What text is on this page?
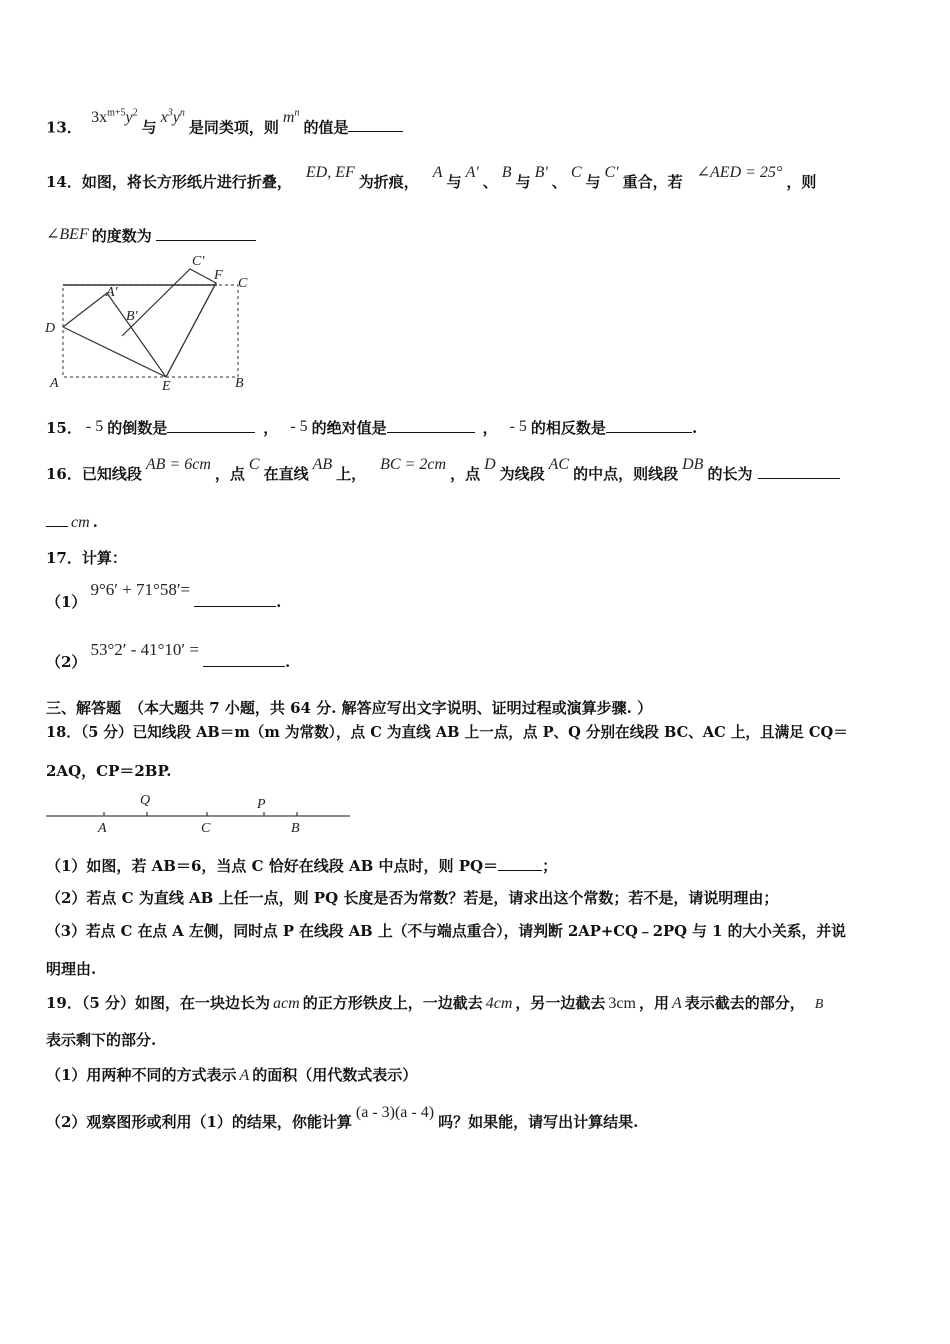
13． $3x^{m+5}y^2$与$x^3y^n$是同类项，则$m^n$的值是
14．如图，将长方形纸片进行折叠，ED, EF为折痕，A与A'、B与B'、C与C'重合，若∠AED = 25°，则
∠BEF 的度数为
C'
F
C
A'
B'
D
A	E	B
15． - 5 的倒数是	， - 5 的绝对值是	， - 5 的相反数是	.
16．已知线段AB = 6cm，点C在直线AB上，BC = 2cm，点D为线段AC的中点，则线段DB的长为
cm .
17．计算：
（1）9°6′ + 71°58′=.
（2）53°2′ - 41°10′ =.
三、解答题 （本大题共 7 小题，共 64 分. 解答应写出文字说明、证明过程或演算步骤. ）
18．（5 分）已知线段 AB＝m（m 为常数），点 C 为直线 AB 上一点，点 P、Q 分别在线段 BC、AC 上，且满足 CQ＝
2AQ，CP＝2BP.
Q	P
A	C	B
（1）如图，若 AB＝6，当点 C 恰好在线段 AB 中点时，则 PQ＝	；
（2）若点 C 为直线 AB 上任一点，则 PQ 长度是否为常数？若是，请求出这个常数；若不是，请说明理由；
（3）若点 C 在点 A 左侧，同时点 P 在线段 AB 上（不与端点重合），请判断 2AP+CQ﹣2PQ 与 1 的大小关系，并说
明理由.
19．（5 分）如图，在一块边长为 acm 的正方形铁皮上，一边截去 4cm ，另一边截去 3cm ，用 A 表示截去的部分， B
表示剩下的部分.
（1）用两种不同的方式表示 A 的面积（用代数式表示）
（2）观察图形或利用（1）的结果，你能计算(a - 3)(a - 4)吗？如果能，请写出计算结果.
